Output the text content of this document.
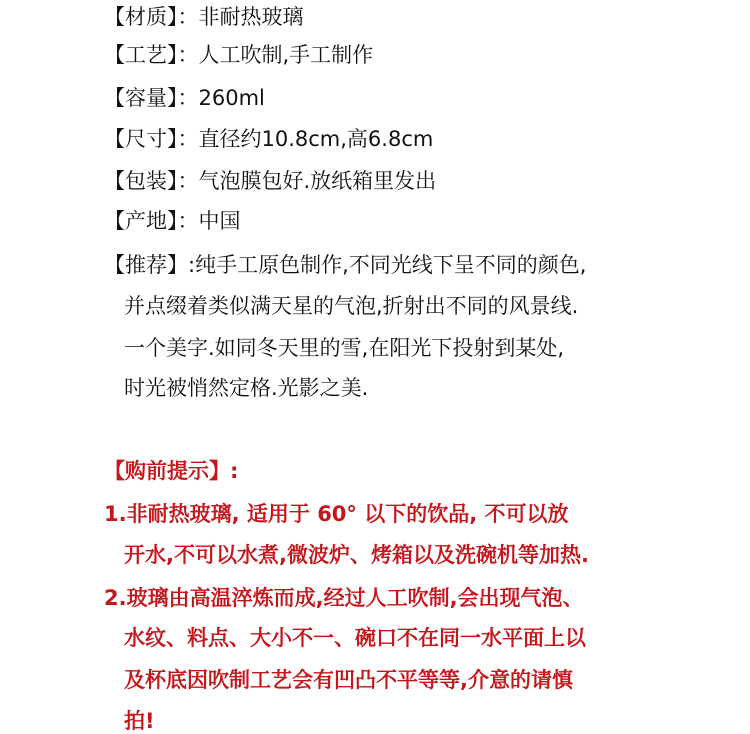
【材质】：非耐热玻璃
【工艺】：人工吹制,手工制作
【容量】：260ml
【尺寸】：直径约10.8cm,高6.8cm
【包装】：气泡膜包好.放纸箱里发出
【产地】：中国
【推荐】:纯手工原色制作,不同光线下呈不同的颜色,
并点缀着类似满天星的气泡,折射出不同的风景线.
一个美字.如同冬天里的雪,在阳光下投射到某处,
时光被悄然定格.光影之美.
【购前提示】:
1.非耐热玻璃, 适用于 60° 以下的饮品, 不可以放
开水,不可以水煮,微波炉、烤箱以及洗碗机等加热.
2.玻璃由高温淬炼而成,经过人工吹制,会出现气泡、
水纹、料点、大小不一、碗口不在同一水平面上以
及杯底因吹制工艺会有凹凸不平等等,介意的请慎
拍!
